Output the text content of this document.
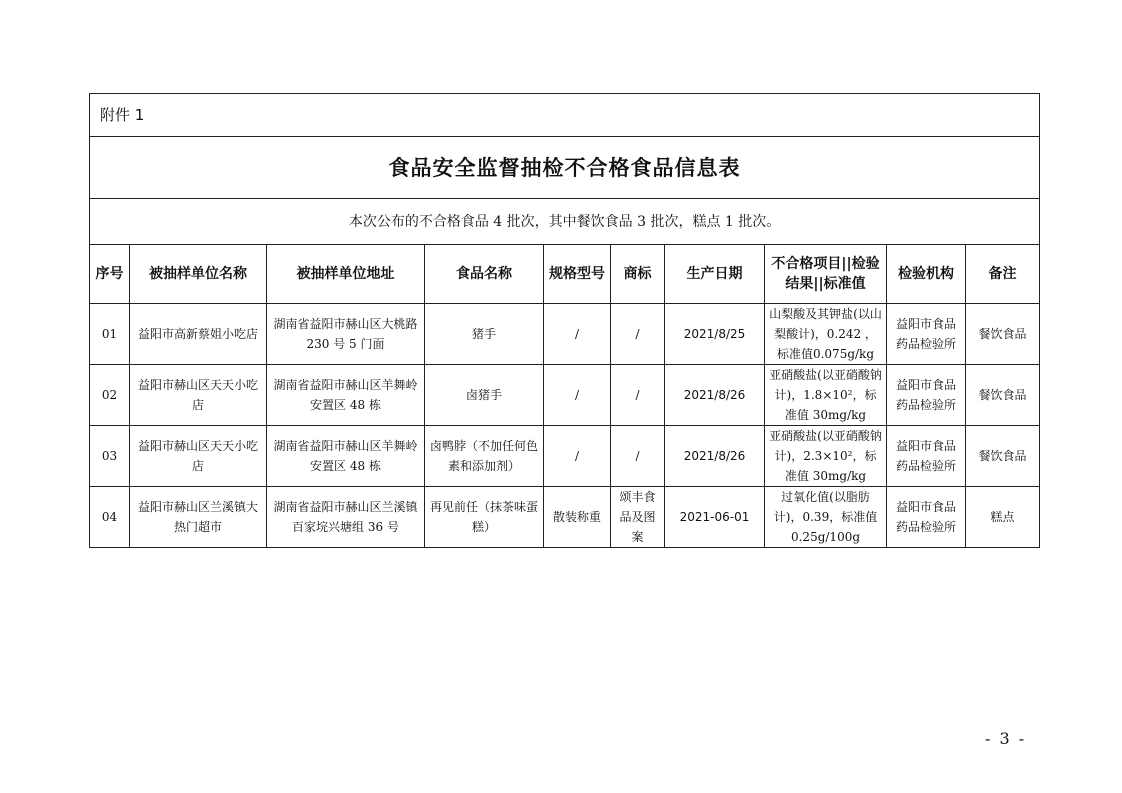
附件 1									
食品安全监督抽检不合格食品信息表									
本次公布的不合格食品 4 批次，其中餐饮食品 3 批次，糕点 1 批次。									
序号	被抽样单位名称	被抽样单位地址	食品名称	规格型号	商标	生产日期	不合格项目||检验结果||标准值	检验机构	备注
01	益阳市高新蔡姐小吃店	湖南省益阳市赫山区大桃路 230 号 5 门面	猪手	/	/	2021/8/25	山梨酸及其钾盐(以山梨酸计)，0.242 ，标准值0.075g/kg	益阳市食品药品检验所	餐饮食品
02	益阳市赫山区天天小吃店	湖南省益阳市赫山区羊舞岭安置区 48 栋	卤猪手	/	/	2021/8/26	亚硝酸盐(以亚硝酸钠计)，1.8×10²，标准值 30mg/kg	益阳市食品药品检验所	餐饮食品
03	益阳市赫山区天天小吃店	湖南省益阳市赫山区羊舞岭安置区 48 栋	卤鸭脖（不加任何色素和添加剂）	/	/	2021/8/26	亚硝酸盐(以亚硝酸钠计)，2.3×10²，标准值 30mg/kg	益阳市食品药品检验所	餐饮食品
04	益阳市赫山区兰溪镇大热门超市	湖南省益阳市赫山区兰溪镇百家垸兴塘组 36 号	再见前任（抹茶味蛋糕）	散装称重	颂丰食品及图案	2021-06-01	过氧化值(以脂肪计)，0.39，标准值0.25g/100g	益阳市食品药品检验所	糕点
- 3 -
